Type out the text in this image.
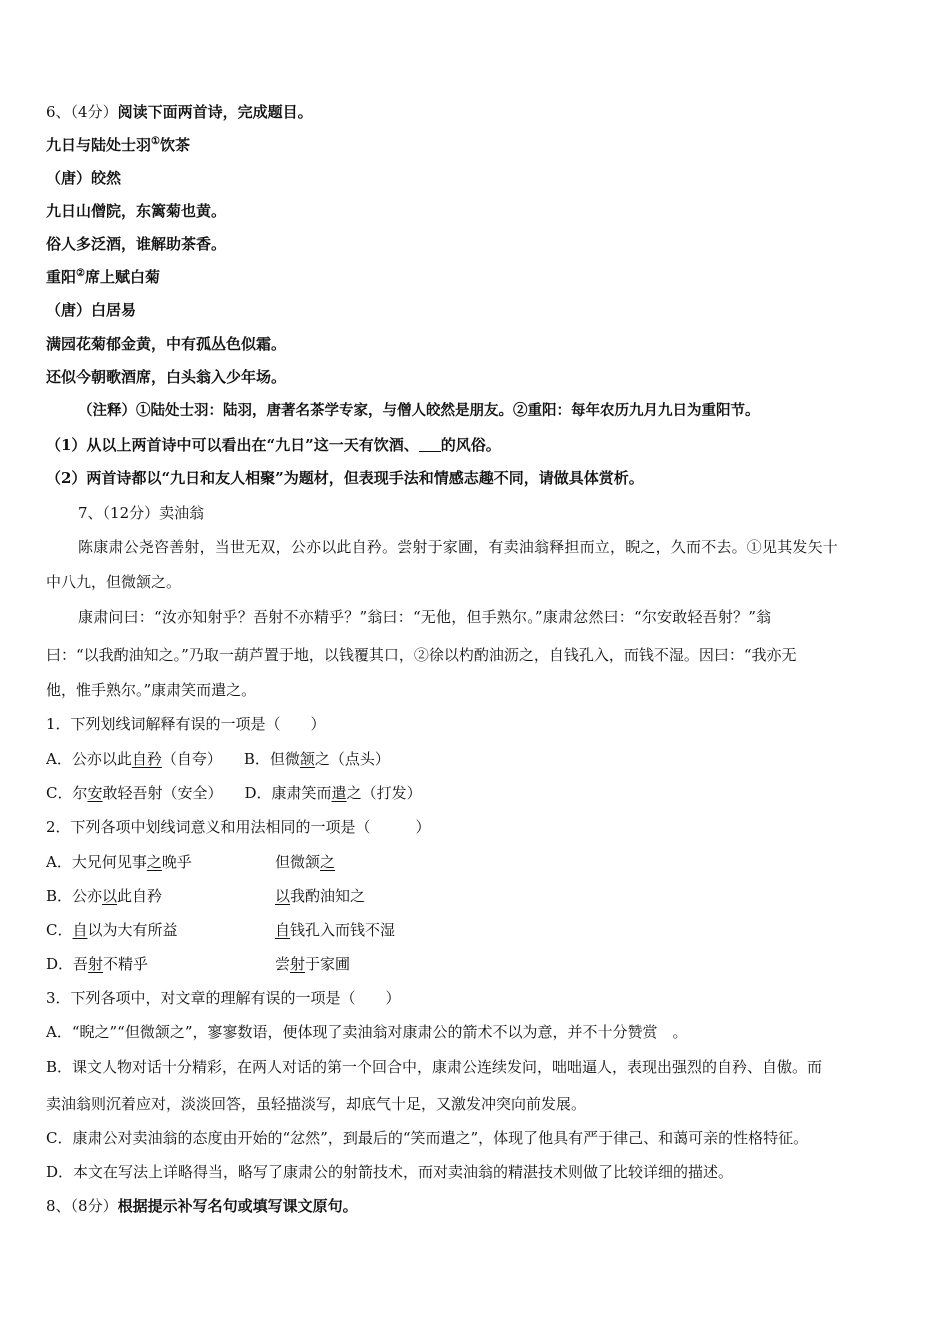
6、（4分）阅读下面两首诗，完成题目。
九日与陆处士羽①饮茶
（唐）皎然
九日山僧院，东篱菊也黄。
俗人多泛酒，谁解助茶香。
重阳②席上赋白菊
（唐）白居易
满园花菊郁金黄，中有孤丛色似霜。
还似今朝歌酒席，白头翁入少年场。
（注释）①陆处士羽：陆羽，唐著名茶学专家，与僧人皎然是朋友。②重阳：每年农历九月九日为重阳节。
（1）从以上两首诗中可以看出在“九日”这一天有饮酒、 的风俗。
（2）两首诗都以“九日和友人相聚”为题材，但表现手法和情感志趣不同，请做具体赏析。
7、（12分）卖油翁
陈康肃公尧咨善射，当世无双，公亦以此自矜。尝射于家圃，有卖油翁释担而立，睨之，久而不去。①见其发矢十
中八九，但微颔之。
康肃问曰：“汝亦知射乎？吾射不亦精乎？”翁曰：“无他，但手熟尔。”康肃忿然曰：“尔安敢轻吾射？”翁
曰：“以我酌油知之。”乃取一葫芦置于地，以钱覆其口，②徐以杓酌油沥之，自钱孔入，而钱不湿。因曰：“我亦无
他，惟手熟尔。”康肃笑而遣之。
1．下列划线词解释有误的一项是（　　）
A．公亦以此自矜（自夸） B．但微颔之（点头）
C．尔安敢轻吾射（安全） D．康肃笑而遣之（打发）
2．下列各项中划线词意义和用法相同的一项是（　　　）
A．大兄何见事之晚乎	但微颔之
B．公亦以此自矜	以我酌油知之
C．自以为大有所益	自钱孔入而钱不湿
D．吾射不精乎	尝射于家圃
3．下列各项中，对文章的理解有误的一项是（　　）
A．“睨之”“但微颔之”，寥寥数语，便体现了卖油翁对康肃公的箭术不以为意，并不十分赞赏　。
B．课文人物对话十分精彩，在两人对话的第一个回合中，康肃公连续发问，咄咄逼人，表现出强烈的自矜、自傲。而
卖油翁则沉着应对，淡淡回答，虽轻描淡写，却底气十足，又激发冲突向前发展。
C．康肃公对卖油翁的态度由开始的“忿然”，到最后的“笑而遣之”，体现了他具有严于律己、和蔼可亲的性格特征。
D．本文在写法上详略得当，略写了康肃公的射箭技术，而对卖油翁的精湛技术则做了比较详细的描述。
8、（8分）根据提示补写名句或填写课文原句。
